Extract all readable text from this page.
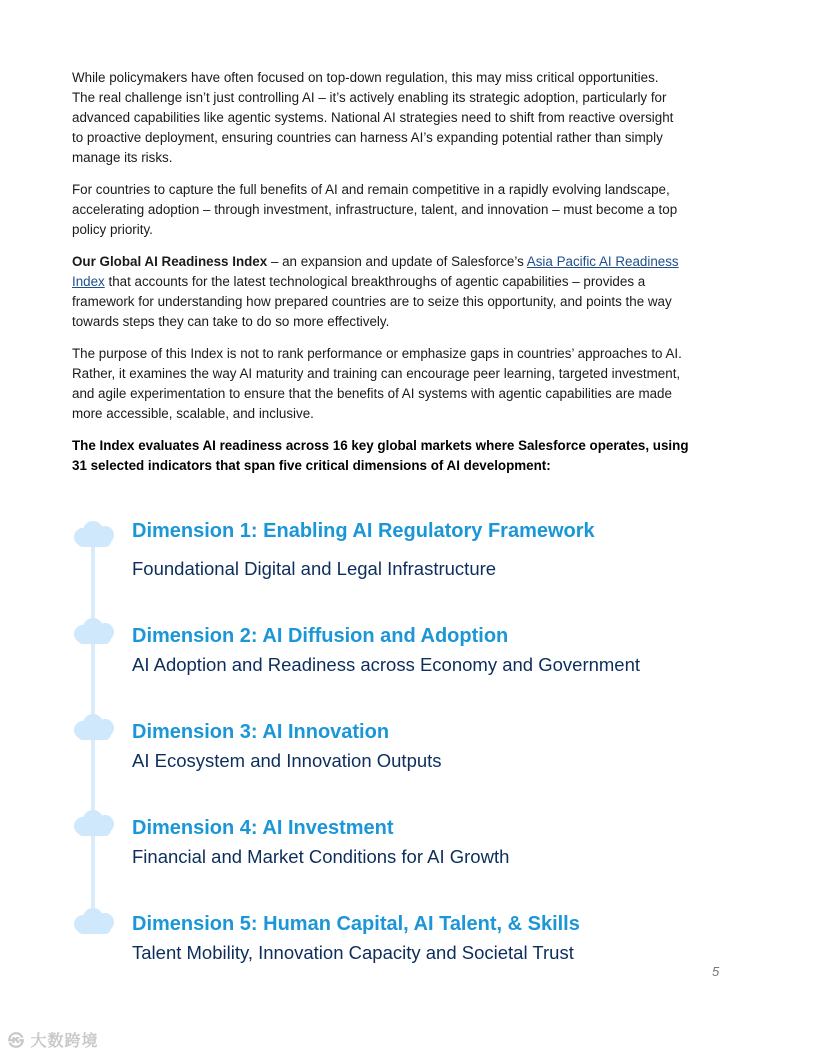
While policymakers have often focused on top-down regulation, this may miss critical opportunities. The real challenge isn’t just controlling AI – it’s actively enabling its strategic adoption, particularly for advanced capabilities like agentic systems. National AI strategies need to shift from reactive oversight to proactive deployment, ensuring countries can harness AI’s expanding potential rather than simply manage its risks.

For countries to capture the full benefits of AI and remain competitive in a rapidly evolving landscape, accelerating adoption – through investment, infrastructure, talent, and innovation – must become a top policy priority.

Our Global AI Readiness Index – an expansion and update of Salesforce’s Asia Pacific AI Readiness Index that accounts for the latest technological breakthroughs of agentic capabilities – provides a framework for understanding how prepared countries are to seize this opportunity, and points the way towards steps they can take to do so more effectively.

The purpose of this Index is not to rank performance or emphasize gaps in countries’ approaches to AI. Rather, it examines the way AI maturity and training can encourage peer learning, targeted investment, and agile experimentation to ensure that the benefits of AI systems with agentic capabilities are made more accessible, scalable, and inclusive.

The Index evaluates AI readiness across 16 key global markets where Salesforce operates, using 31 selected indicators that span five critical dimensions of AI development:

Dimension 1: Enabling AI Regulatory Framework
Foundational Digital and Legal Infrastructure
Dimension 2: AI Diffusion and Adoption
AI Adoption and Readiness across Economy and Government
Dimension 3: AI Innovation
AI Ecosystem and Innovation Outputs
Dimension 4: AI Investment
Financial and Market Conditions for AI Growth
Dimension 5: Human Capital, AI Talent, & Skills
Talent Mobility, Innovation Capacity and Societal Trust
5
㉿ 大数跨境
